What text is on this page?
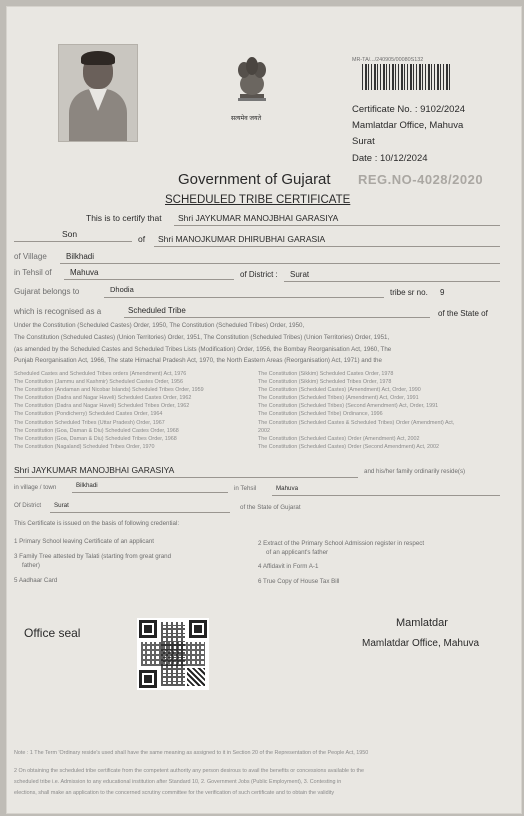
सत्यमेव जयते
MR-TA/.../240905/00080S132
Certificate No. : 9102/2024
Mamlatdar Office, Mahuva
Surat
Date : 10/12/2024
Government of Gujarat REG.NO-4028/2020
SCHEDULED TRIBE CERTIFICATE
This is to certify that Shri JAYKUMAR MANOJBHAI GARASIYA
Son	of Shri MANOJKUMAR DHIRUBHAI GARASIA
of Village Bilkhadi
in Tehsil of Mahuva	of District : Surat
Gujarat belongs to	Dhodia	tribe sr no. 9
which is recognised as a	Scheduled Tribe	of the State of
Under the Constitution (Scheduled Castes) Order, 1950, The Constitution (Scheduled Tribes) Order, 1950,
The Constitution (Scheduled Castes) (Union Territories) Order, 1951, The Constitution (Scheduled Tribes) (Union Territories) Order, 1951,
(as amended by the Scheduled Castes and Scheduled Tribes Lists (Modification) Order, 1956, the Bombay Reorganisation Act, 1960, The
Punjab Reorganisation Act, 1966, The state Himachal Pradesh Act, 1970, the North Eastern Areas (Reorganisation) Act, 1971) and the
Scheduled Castes and Scheduled Tribes orders (Amendment) Act, 1976
The Constitution (Jammu and Kashmir) Scheduled Castes Order, 1956
The Constitution (Andaman and Nicobar Islands) Scheduled Tribes Order, 1959
The Constitution (Dadra and Nagar Haveli) Scheduled Castes Order, 1962
The Constitution (Dadra and Nagar Haveli) Scheduled Tribes Order, 1962
The Constitution (Pondicherry) Scheduled Castes Order, 1964
The Constitution Scheduled Tribes (Uttar Pradesh) Order, 1967
The Constitution (Goa, Daman & Diu) Scheduled Castes Order, 1968
The Constitution (Goa, Daman & Diu) Scheduled Tribes Order, 1968
The Constitution (Nagaland) Scheduled Tribes Order, 1970
The Constitution (Sikkim) Scheduled Castes Order, 1978
The Constitution (Sikkim) Scheduled Tribes Order, 1978
The Constitution (Scheduled Castes) (Amendment) Act, Order, 1990
The Constitution (Scheduled Tribes) (Amendment) Act, Order, 1991
The Constitution (Scheduled Tribes) (Second Amendment) Act, Order, 1991
The Constitution (Scheduled Tribe) Ordinance, 1996
The Constitution (Scheduled Castes & Scheduled Tribes) Order (Amendment) Act,
2002
The Constitution (Scheduled Castes) Order (Amendment) Act, 2002
The Constitution (Scheduled Castes) Order (Second Amendment) Act, 2002
Shri JAYKUMAR MANOJBHAI GARASIYA	and his/her family ordinarily reside(s)
in village / town	Bilkhadi	in Tehsil	Mahuva
Of District Surat	of the State of Gujarat
This Certificate is issued on the basis of following credential:
1 Primary School leaving Certificate of an applicant	2 Extract of the Primary School Admission register in respect
of an applicant's father
3 Family Tree attested by Talati (starting from great grand
father)	4 Affidavit in Form A-1
5 Aadhaar Card	6 True Copy of House Tax Bill
Office seal
Mamlatdar
Mamlatdar Office, Mahuva
Note : 1 The Term 'Ordinary reside's used shall have the same meaning as assigned to it in Section 20 of the Representation of the People Act, 1950
2 On obtaining the scheduled tribe certificate from the competent authority any person desirous to avail the benefits or concessions available to the
scheduled tribe i.e. Admission to any educational institution after Standard 10, 2. Government Jobs (Public Employment), 3. Contesting in
elections, shall make an application to the concerned scrutiny committee for the verification of such certificate and to obtain the validity
